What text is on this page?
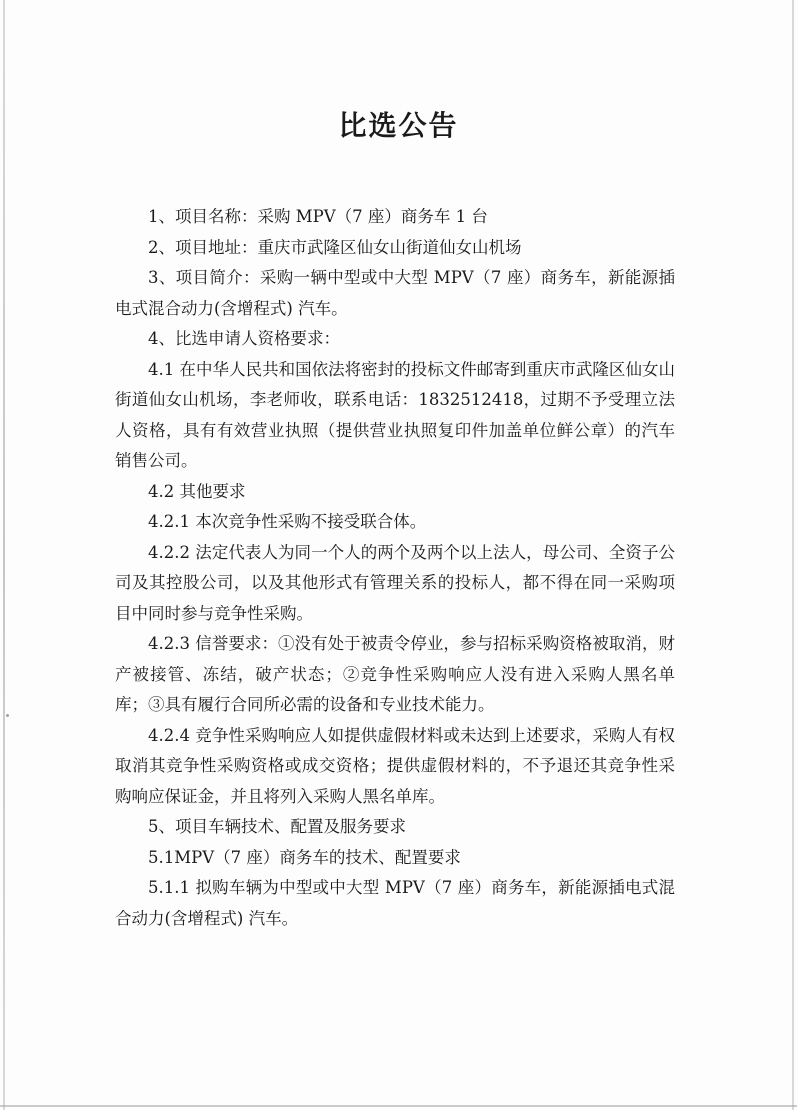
比选公告

1、项目名称：采购 MPV（7 座）商务车 1 台

2、项目地址：重庆市武隆区仙女山街道仙女山机场

3、项目简介：采购一辆中型或中大型 MPV（7 座）商务车，新能源插电式混合动力(含增程式) 汽车。

4、比选申请人资格要求：

4.1 在中华人民共和国依法将密封的投标文件邮寄到重庆市武隆区仙女山街道仙女山机场，李老师收，联系电话：1832512418，过期不予受理立法人资格，具有有效营业执照（提供营业执照复印件加盖单位鲜公章）的汽车销售公司。

4.2 其他要求

4.2.1 本次竞争性采购不接受联合体。

4.2.2 法定代表人为同一个人的两个及两个以上法人，母公司、全资子公司及其控股公司，以及其他形式有管理关系的投标人，都不得在同一采购项目中同时参与竞争性采购。

4.2.3 信誉要求：①没有处于被责令停业，参与招标采购资格被取消，财产被接管、冻结，破产状态；②竞争性采购响应人没有进入采购人黑名单库；③具有履行合同所必需的设备和专业技术能力。

4.2.4 竞争性采购响应人如提供虚假材料或未达到上述要求，采购人有权取消其竞争性采购资格或成交资格；提供虚假材料的，不予退还其竞争性采购响应保证金，并且将列入采购人黑名单库。

5、项目车辆技术、配置及服务要求

5.1MPV（7 座）商务车的技术、配置要求

5.1.1 拟购车辆为中型或中大型 MPV（7 座）商务车，新能源插电式混合动力(含增程式) 汽车。
